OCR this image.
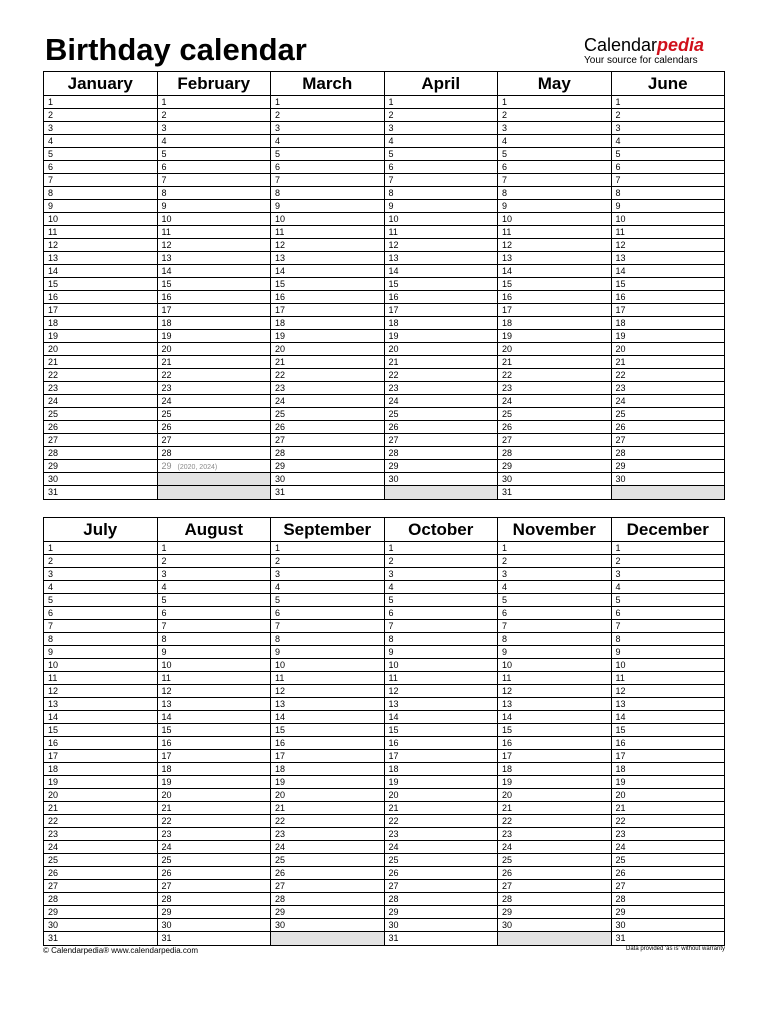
Birthday calendar	Calendarpedia
Your source for calendars
January
1
2
3
4
5
6
7
8
9
10
11
12
13
14
15
16
17
18
19
20
21
22
23
24
25
26
27
28
29
30
31
February
1
2
3
4
5
6
7
8
9
10
11
12
13
14
15
16
17
18
19
20
21
22
23
24
25
26
27
28
29 (2020, 2024)
March
1
2
3
4
5
6
7
8
9
10
11
12
13
14
15
16
17
18
19
20
21
22
23
24
25
26
27
28
29
30
31
April
1
2
3
4
5
6
7
8
9
10
11
12
13
14
15
16
17
18
19
20
21
22
23
24
25
26
27
28
29
30
May
1
2
3
4
5
6
7
8
9
10
11
12
13
14
15
16
17
18
19
20
21
22
23
24
25
26
27
28
29
30
31
June
1
2
3
4
5
6
7
8
9
10
11
12
13
14
15
16
17
18
19
20
21
22
23
24
25
26
27
28
29
30
July
1
2
3
4
5
6
7
8
9
10
11
12
13
14
15
16
17
18
19
20
21
22
23
24
25
26
27
28
29
30
31
August
1
2
3
4
5
6
7
8
9
10
11
12
13
14
15
16
17
18
19
20
21
22
23
24
25
26
27
28
29
30
31
September
1
2
3
4
5
6
7
8
9
10
11
12
13
14
15
16
17
18
19
20
21
22
23
24
25
26
27
28
29
30
October
1
2
3
4
5
6
7
8
9
10
11
12
13
14
15
16
17
18
19
20
21
22
23
24
25
26
27
28
29
30
31
November
1
2
3
4
5
6
7
8
9
10
11
12
13
14
15
16
17
18
19
20
21
22
23
24
25
26
27
28
29
30
December
1
2
3
4
5
6
7
8
9
10
11
12
13
14
15
16
17
18
19
20
21
22
23
24
25
26
27
28
29
30
31
© Calendarpedia® www.calendarpedia.com	Data provided 'as is' without warranty
